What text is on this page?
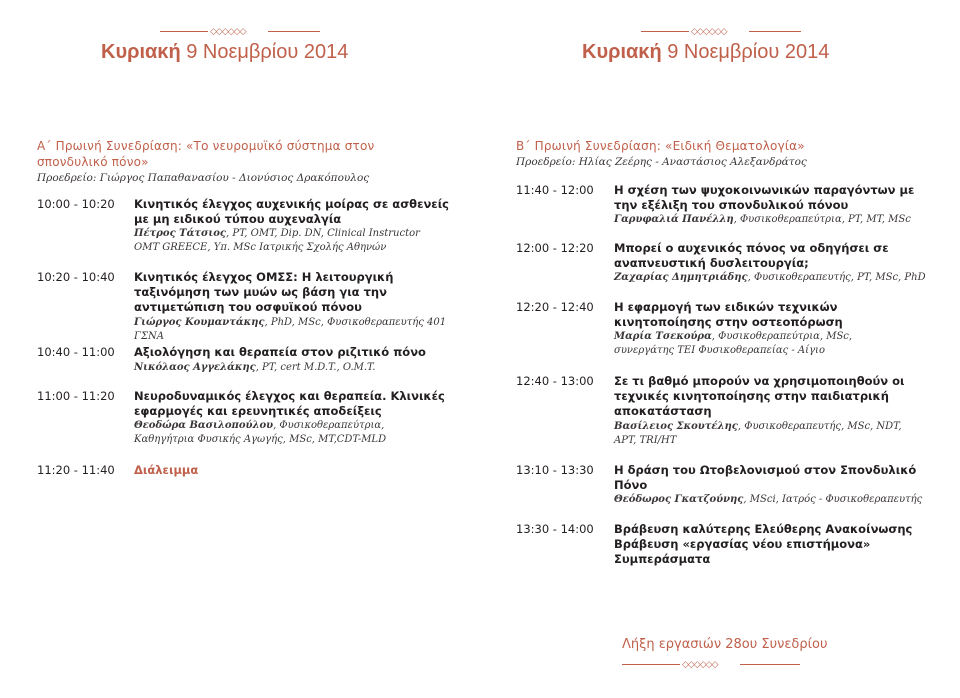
◇◇◇◇◇◇
Κυριακή 9 Νοεμβρίου 2014
Α΄ Πρωινή Συνεδρίαση: «Το νευρομυϊκό σύστημα στον σπονδυλικό πόνο»
Προεδρείο: Γιώργος Παπαθανασίου - Διονύσιος Δρακόπουλος
10:00 - 10:20 Κινητικός έλεγχος αυχενικής μοίρας σε ασθενείς με μη ειδικού τύπου αυχεναλγία
Πέτρος Τάτσιος, PT, OMT, Dip. DN, Clinical Instructor OMT GREECE, Υπ. MSc Ιατρικής Σχολής Αθηνών
10:20 - 10:40 Κινητικός έλεγχος ΟΜΣΣ: Η λειτουργική ταξινόμηση των μυών ως βάση για την αντιμετώπιση του οσφυϊκού πόνου
Γιώργος Κουμαντάκης, PhD, MSc, Φυσικοθεραπευτής 401 ΓΣΝΑ
10:40 - 11:00 Αξιολόγηση και θεραπεία στον ριζιτικό πόνο
Νικόλαος Αγγελάκης, PT, cert M.D.T., O.M.T.
11:00 - 11:20 Νευροδυναμικός έλεγχος και θεραπεία. Κλινικές εφαρμογές και ερευνητικές αποδείξεις
Θεοδώρα Βασιλοπούλου, Φυσικοθεραπεύτρια, Καθηγήτρια Φυσικής Αγωγής, MSc, MT,CDT-MLD
11:20 - 11:40 Διάλειμμα
◇◇◇◇◇◇
Κυριακή 9 Νοεμβρίου 2014
Β΄ Πρωινή Συνεδρίαση: «Ειδική Θεματολογία»
Προεδρείο: Ηλίας Ζεέρης - Αναστάσιος Αλεξανδράτος
11:40 - 12:00 Η σχέση των ψυχοκοινωνικών παραγόντων με την εξέλιξη του σπονδυλικού πόνου
Γαρυφαλιά Πανέλλη, Φυσικοθεραπεύτρια, PT, MT, MSc
12:00 - 12:20 Μπορεί ο αυχενικός πόνος να οδηγήσει σε αναπνευστική δυσλειτουργία;
Ζαχαρίας Δημητριάδης, Φυσικοθεραπευτής, PT, MSc, PhD
12:20 - 12:40 Η εφαρμογή των ειδικών τεχνικών κινητοποίησης στην οστεοπόρωση
Μαρία Τσεκούρα, Φυσικοθεραπεύτρια, MSc, συνεργάτης ΤΕΙ Φυσικοθεραπείας - Αίγιο
12:40 - 13:00 Σε τι βαθμό μπορούν να χρησιμοποιηθούν οι τεχνικές κινητοποίησης στην παιδιατρική αποκατάσταση
Βασίλειος Σκουτέλης, Φυσικοθεραπευτής, MSc, NDT, APT, TRI/HT
13:10 - 13:30 Η δράση του Ωτοβελονισμού στον Σπονδυλικό Πόνο
Θεόδωρος Γκατζούνης, MSci, Ιατρός - Φυσικοθεραπευτής
13:30 - 14:00 Βράβευση καλύτερης Ελεύθερης Ανακοίνωσης Βράβευση «εργασίας νέου επιστήμονα» Συμπεράσματα
Λήξη εργασιών 28ου Συνεδρίου
◇◇◇◇◇◇
